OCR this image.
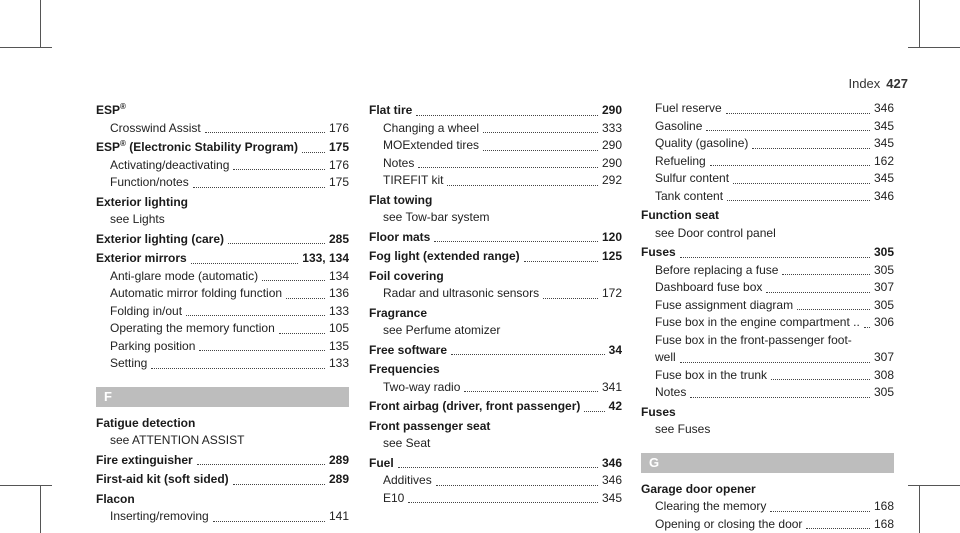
Index 427
ESP®
Crosswind Assist	176
ESP® (Electronic Stability Program)	175
Activating/deactivating	176
Function/notes	175
Exterior lighting
see Lights
Exterior lighting (care)	285
Exterior mirrors	133, 134
Anti-glare mode (automatic)	134
Automatic mirror folding function	136
Folding in/out	133
Operating the memory function	105
Parking position	135
Setting	133
F
Fatigue detection
see ATTENTION ASSIST
Fire extinguisher	289
First-aid kit (soft sided)	289
Flacon
Inserting/removing	141
Flat tire	290
Changing a wheel	333
MOExtended tires	290
Notes	290
TIREFIT kit	292
Flat towing
see Tow-bar system
Floor mats	120
Fog light (extended range)	125
Foil covering
Radar and ultrasonic sensors	172
Fragrance
see Perfume atomizer
Free software	34
Frequencies
Two-way radio	341
Front airbag (driver, front passenger) 42
Front passenger seat
see Seat
Fuel	346
Additives	346
E10	345
Fuel reserve	346
Gasoline	345
Quality (gasoline)	345
Refueling	162
Sulfur content	345
Tank content	346
Function seat
see Door control panel
Fuses	305
Before replacing a fuse	305
Dashboard fuse box	307
Fuse assignment diagram	305
Fuse box in the engine compartment .. 306
Fuse box in the front-passenger foot-
well	307
Fuse box in the trunk	308
Notes	305
Fuses
see Fuses
G
Garage door opener
Clearing the memory	168
Opening or closing the door	168
